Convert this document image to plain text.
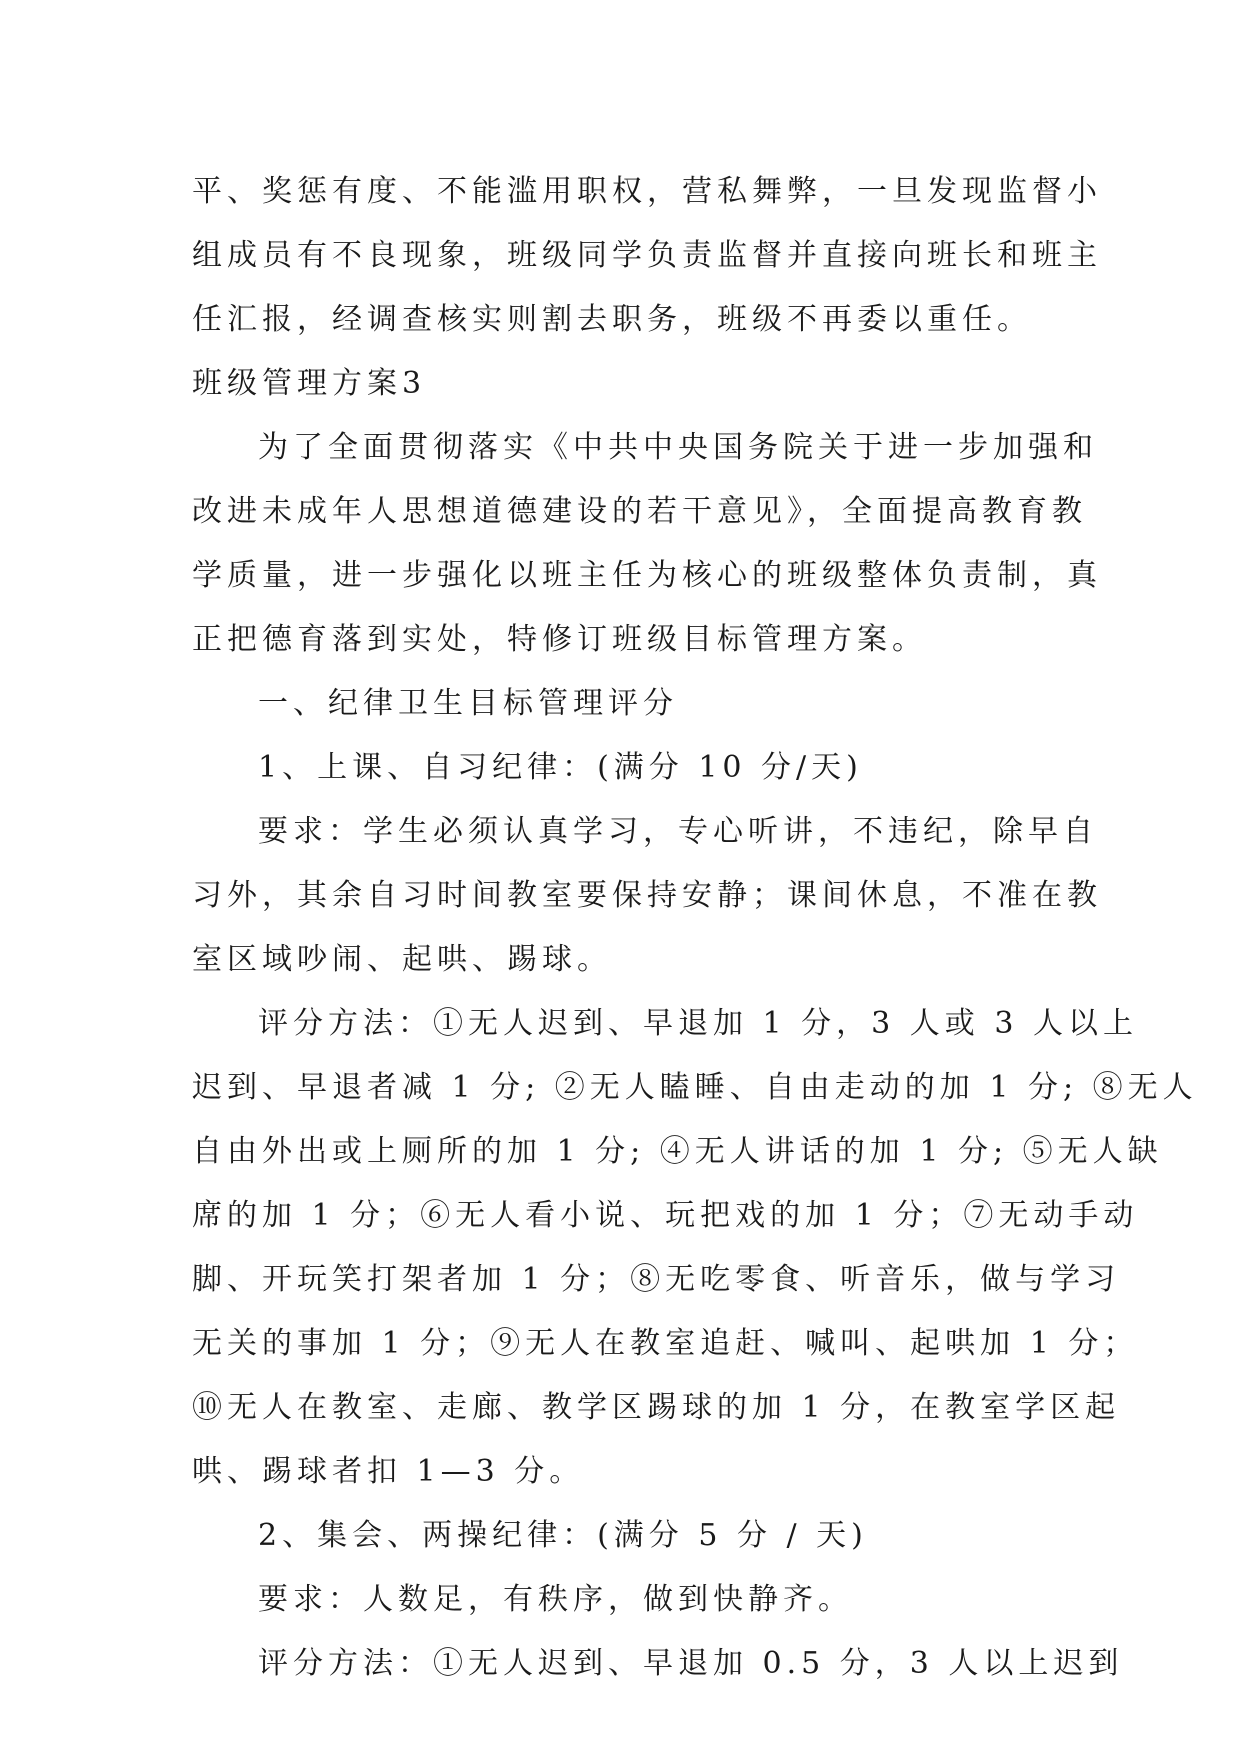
平、奖惩有度、不能滥用职权，营私舞弊，一旦发现监督小
组成员有不良现象，班级同学负责监督并直接向班长和班主
任汇报，经调查核实则割去职务，班级不再委以重任。
班级管理方案3
为了全面贯彻落实《中共中央国务院关于进一步加强和
改进未成年人思想道德建设的若干意见》，全面提高教育教
学质量，进一步强化以班主任为核心的班级整体负责制，真
正把德育落到实处，特修订班级目标管理方案。
一、纪律卫生目标管理评分
1、上课、自习纪律：(满分 10 分/天)
要求：学生必须认真学习，专心听讲，不违纪，除早自
习外，其余自习时间教室要保持安静；课间休息，不准在教
室区域吵闹、起哄、踢球。
评分方法：①无人迟到、早退加 1 分，3 人或 3 人以上
迟到、早退者减 1 分; ②无人瞌睡、自由走动的加 1 分; ⑧无人
自由外出或上厕所的加 1 分; ④无人讲话的加 1 分; ⑤无人缺
席的加 1 分；⑥无人看小说、玩把戏的加 1 分；⑦无动手动
脚、开玩笑打架者加 1 分；⑧无吃零食、听音乐，做与学习
无关的事加 1 分；⑨无人在教室追赶、喊叫、起哄加 1 分；
⑩无人在教室、走廊、教学区踢球的加 1 分，在教室学区起
哄、踢球者扣 1—3 分。
2、集会、两操纪律：(满分 5 分 / 天)
要求：人数足，有秩序，做到快静齐。
评分方法：①无人迟到、早退加 0.5 分，3 人以上迟到
